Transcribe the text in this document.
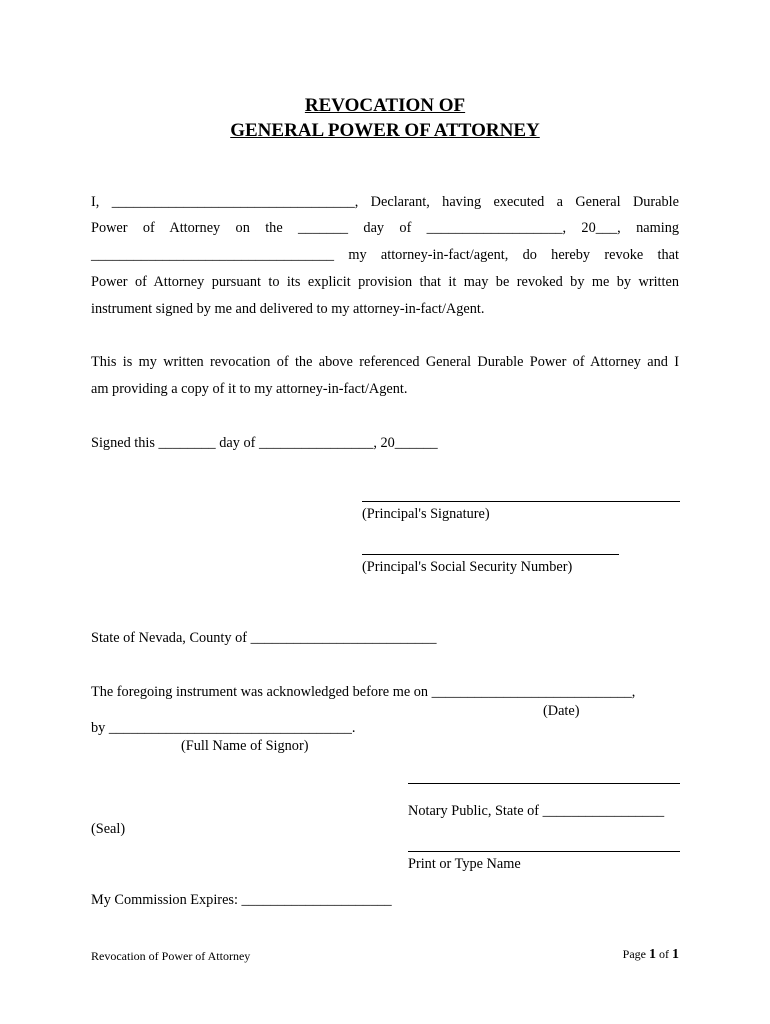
REVOCATION OF
GENERAL POWER OF ATTORNEY
I, __________________________________, Declarant, having executed a General Durable
Power of Attorney on the _______ day of ___________________, 20___, naming
__________________________________ my attorney-in-fact/agent, do hereby revoke that
Power of Attorney pursuant to its explicit provision that it may be revoked by me by written
instrument signed by me and delivered to my attorney-in-fact/Agent.
This is my written revocation of the above referenced General Durable Power of Attorney and I
am providing a copy of it to my attorney-in-fact/Agent.
Signed this ________ day of ________________, 20______
(Principal's Signature)
(Principal's Social Security Number)
State of Nevada, County of __________________________
The foregoing instrument was acknowledged before me on ____________________________,
(Date)
by __________________________________.
(Full Name of Signor)
Notary Public, State of _________________
(Seal)
Print or Type Name
My Commission Expires: _____________________
Revocation of Power of Attorney	Page 1 of 1
